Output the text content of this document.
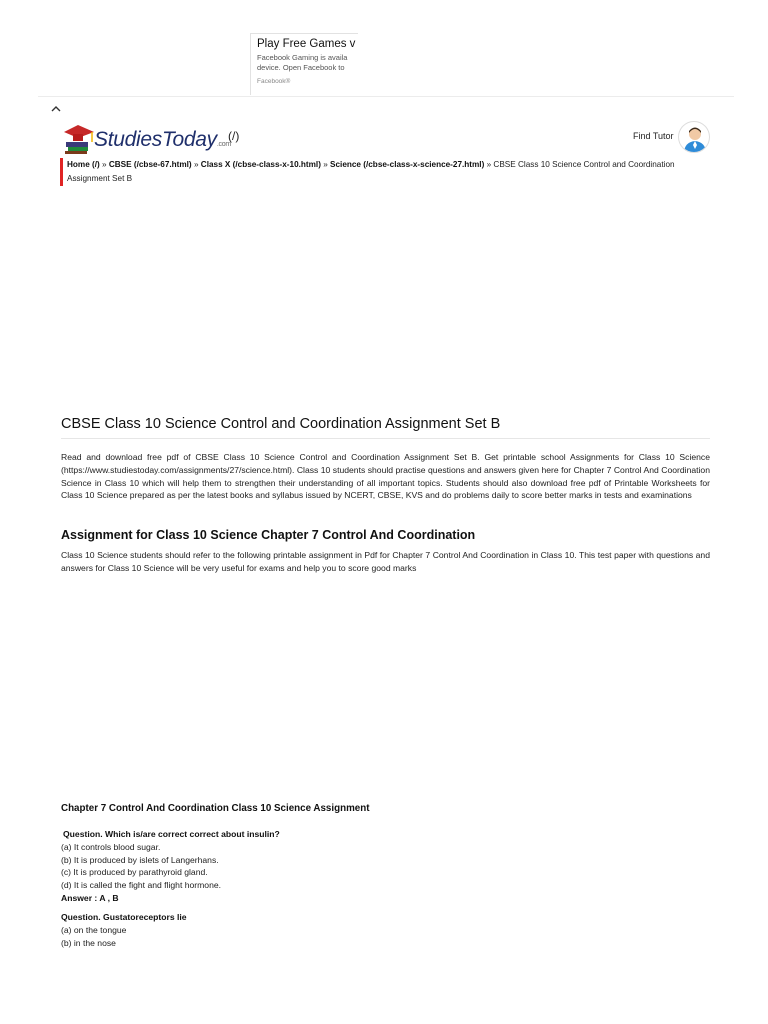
Play Free Games v
Facebook Gaming is availa
device. Open Facebook to
Facebook®
StudiesToday.com
(/)	Find Tutor
Home (/) » CBSE (/cbse-67.html) » Class X (/cbse-class-x-10.html) » Science (/cbse-class-x-science-27.html) » CBSE Class 10 Science Control and Coordination Assignment Set B
CBSE Class 10 Science Control and Coordination Assignment Set B

Read and download free pdf of CBSE Class 10 Science Control and Coordination Assignment Set B. Get printable school Assignments for Class 10 Science (https://www.studiestoday.com/assignments/27/science.html). Class 10 students should practise questions and answers given here for Chapter 7 Control And Coordination Science in Class 10 which will help them to strengthen their understanding of all important topics. Students should also download free pdf of Printable Worksheets for Class 10 Science prepared as per the latest books and syllabus issued by NCERT, CBSE, KVS and do problems daily to score better marks in tests and examinations

Assignment for Class 10 Science Chapter 7 Control And Coordination

Class 10 Science students should refer to the following printable assignment in Pdf for Chapter 7 Control And Coordination in Class 10. This test paper with questions and answers for Class 10 Science will be very useful for exams and help you to score good marks

Chapter 7 Control And Coordination Class 10 Science Assignment
Question. Which is/are correct correct about insulin?
(a) It controls blood sugar.
(b) It is produced by islets of Langerhans.
(c) It is produced by parathyroid gland.
(d) It is called the fight and flight hormone.
Answer : A , B
Question. Gustatoreceptors lie
(a) on the tongue
(b) in the nose
